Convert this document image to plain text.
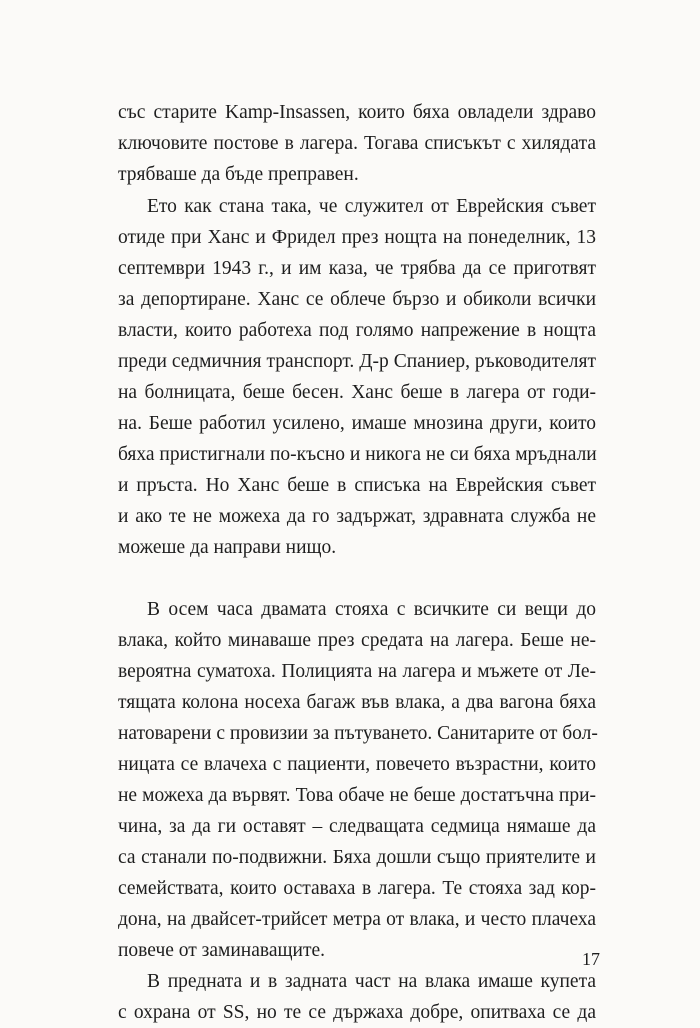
със старите Kamp-Insassen, които бяха овладели здраво
ключовите постове в лагера. Тогава списъкът с хилядата
трябваше да бъде преправен.
Ето как стана така, че служител от Еврейския съвет
отиде при Ханс и Фридел през нощта на понеделник, 13
септември 1943 г., и им каза, че трябва да се приготвят
за депортиране. Ханс се облече бързо и обиколи всички
власти, които работеха под голямо напрежение в нощта
преди седмичния транспорт. Д-р Спаниер, ръководителят
на болницата, беше бесен. Ханс беше в лагера от годи-
на. Беше работил усилено, имаше мнозина други, които
бяха пристигнали по-късно и никога не си бяха мръднали
и пръста. Но Ханс беше в списъка на Еврейския съвет
и ако те не можеха да го задържат, здравната служба не
можеше да направи нищо.
В осем часа двамата стояха с всичките си вещи до
влака, който минаваше през средата на лагера. Беше не-
вероятна суматоха. Полицията на лагера и мъжете от Ле-
тящата колона носеха багаж във влака, а два вагона бяха
натоварени с провизии за пътуването. Санитарите от бол-
ницата се влачеха с пациенти, повечето възрастни, които
не можеха да вървят. Това обаче не беше достатъчна при-
чина, за да ги оставят – следващата седмица нямаше да
са станали по-подвижни. Бяха дошли също приятелите и
семействата, които оставаха в лагера. Те стояха зад кор-
дона, на двайсет-трийсет метра от влака, и често плачеха
повече от заминаващите.
В предната и в задната част на влака имаше купета
с охрана от SS, но те се държаха добре, опитваха се да
17
